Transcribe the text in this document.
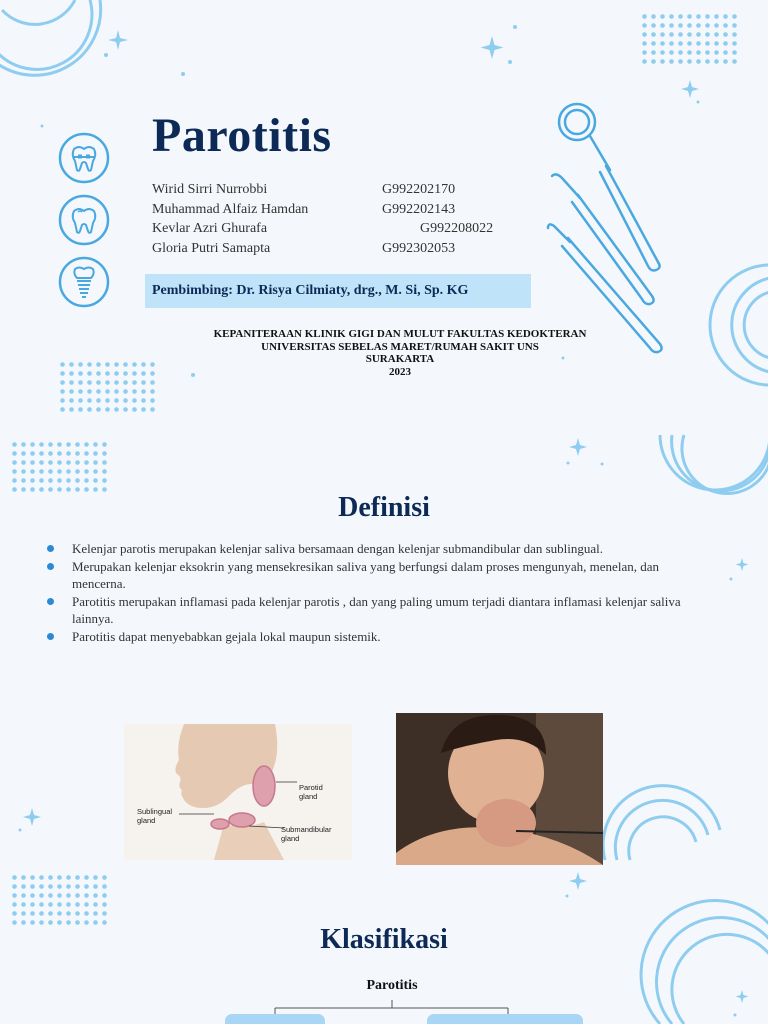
Parotitis
Wirid Sirri Nurrobbi	G992202170
Muhammad Alfaiz Hamdan	G992202143
Kevlar Azri Ghurafa	G992208022
Gloria Putri Samapta	G992302053
Pembimbing: Dr. Risya Cilmiaty, drg., M. Si, Sp. KG
KEPANITERAAN KLINIK GIGI DAN MULUT FAKULTAS KEDOKTERAN
UNIVERSITAS SEBELAS MARET/RUMAH SAKIT UNS
SURAKARTA
2023
Definisi
Kelenjar parotis merupakan kelenjar saliva bersamaan dengan kelenjar submandibular dan sublingual.
Merupakan kelenjar eksokrin yang mensekresikan saliva yang berfungsi dalam proses mengunyah, menelan, dan mencerna.
Parotitis merupakan inflamasi pada kelenjar parotis , dan yang paling umum terjadi diantara inflamasi kelenjar saliva lainnya.
Parotitis dapat menyebabkan gejala lokal maupun sistemik.
Parotid gland
Sublingual gland
Submandibular gland
Klasifikasi
Parotitis
